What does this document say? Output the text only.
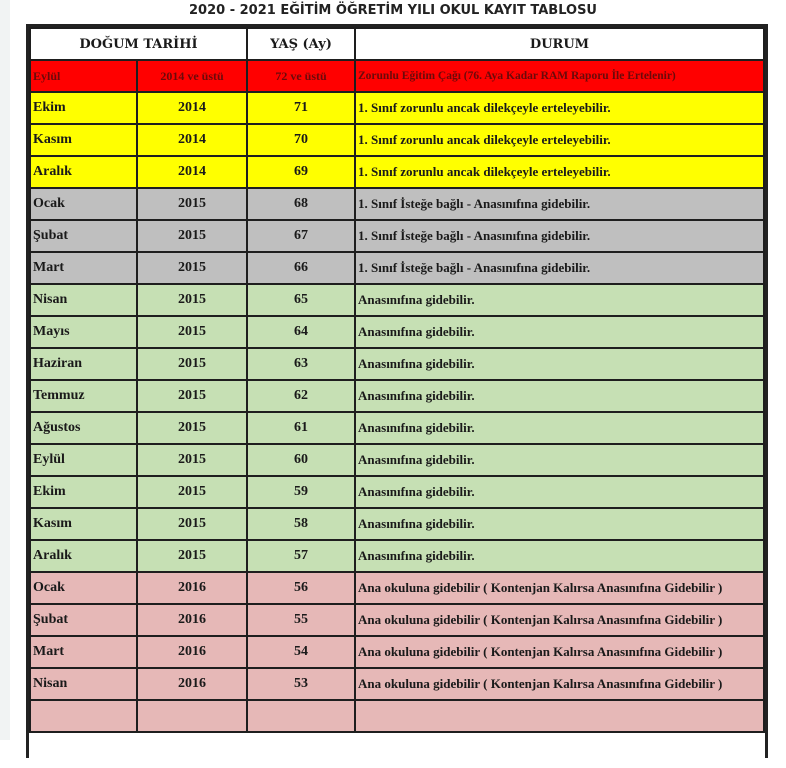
2020 - 2021 EĞİTİM ÖĞRETİM YILI OKUL KAYIT TABLOSU
DOĞUM TARİHİ		YAŞ (Ay)	DURUM
Eylül	2014 ve üstü	72 ve üstü	Zorunlu Eğitim Çağı (76. Aya Kadar RAM Raporu İle Ertelenir)
Ekim	2014	71	1. Sınıf zorunlu ancak dilekçeyle erteleyebilir.
Kasım	2014	70	1. Sınıf zorunlu ancak dilekçeyle erteleyebilir.
Aralık	2014	69	1. Sınıf zorunlu ancak dilekçeyle erteleyebilir.
Ocak	2015	68	1. Sınıf İsteğe bağlı - Anasınıfına gidebilir.
Şubat	2015	67	1. Sınıf İsteğe bağlı - Anasınıfına gidebilir.
Mart	2015	66	1. Sınıf İsteğe bağlı - Anasınıfına gidebilir.
Nisan	2015	65	Anasınıfına gidebilir.
Mayıs	2015	64	Anasınıfına gidebilir.
Haziran	2015	63	Anasınıfına gidebilir.
Temmuz	2015	62	Anasınıfına gidebilir.
Ağustos	2015	61	Anasınıfına gidebilir.
Eylül	2015	60	Anasınıfına gidebilir.
Ekim	2015	59	Anasınıfına gidebilir.
Kasım	2015	58	Anasınıfına gidebilir.
Aralık	2015	57	Anasınıfına gidebilir.
Ocak	2016	56	Ana okuluna gidebilir ( Kontenjan Kalırsa Anasınıfına Gidebilir )
Şubat	2016	55	Ana okuluna gidebilir ( Kontenjan Kalırsa Anasınıfına Gidebilir )
Mart	2016	54	Ana okuluna gidebilir ( Kontenjan Kalırsa Anasınıfına Gidebilir )
Nisan	2016	53	Ana okuluna gidebilir ( Kontenjan Kalırsa Anasınıfına Gidebilir )
